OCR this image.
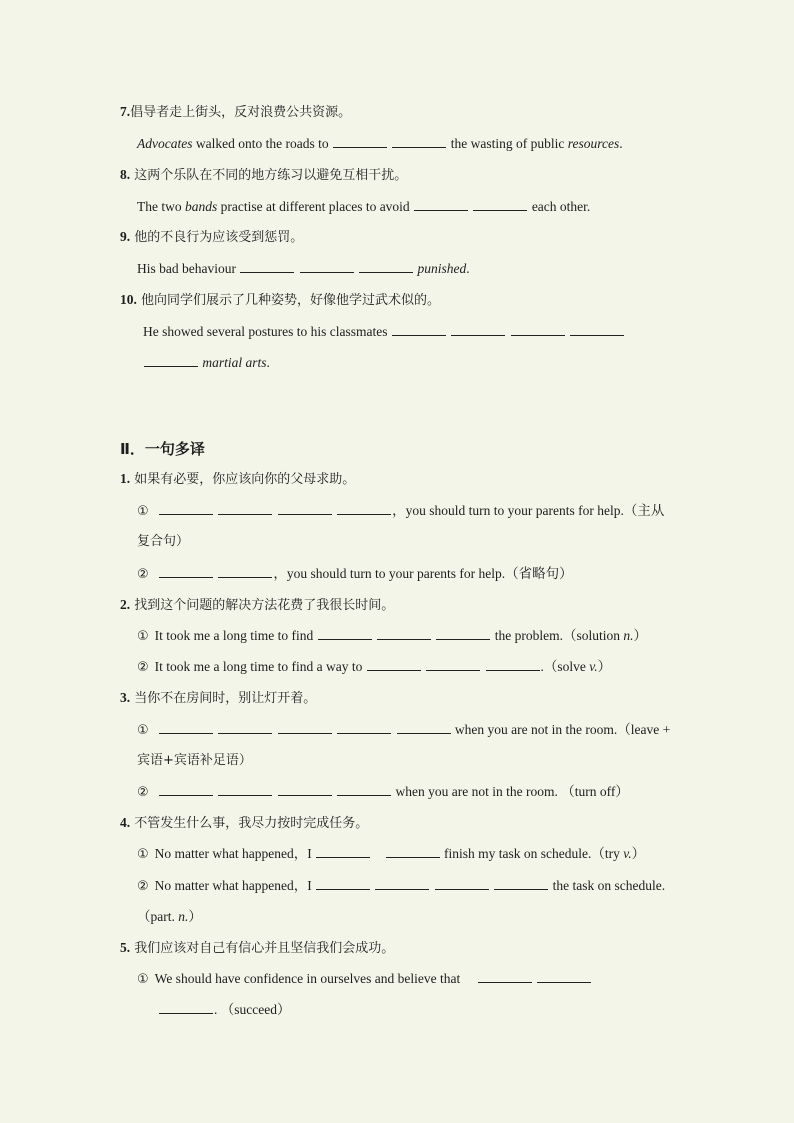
7.倡导者走上街头，反对浪费公共资源。
Advocates walked onto the roads to	the wasting of public resources.
8. 这两个乐队在不同的地方练习以避免互相干扰。
The two bands practise at different places to avoid	each other.
9. 他的不良行为应该受到惩罚。
His bad behaviour	punished.
10. 他向同学们展示了几种姿势，好像他学过武术似的。
He showed several postures to his classmates
martial arts.
Ⅱ．一句多译
1. 如果有必要，你应该向你的父母求助。
①	，you should turn to your parents for help.（主从
复合句）
②	，you should turn to your parents for help.（省略句）
2. 找到这个问题的解决方法花费了我很长时间。
① It took me a long time to find	the problem.（solution n.）
② It took me a long time to find a way to	.（solve v.）
3. 当你不在房间时，别让灯开着。
①	when you are not in the room.（leave +
宾语+宾语补足语）
②	when you are not in the room. （turn off）
4. 不管发生什么事，我尽力按时完成任务。
① No matter what happened，I	finish my task on schedule.（try v.）
② No matter what happened，I	the task on schedule.
（part. n.）
5. 我们应该对自己有信心并且坚信我们会成功。
① We should have confidence in ourselves and believe that
. （succeed）
